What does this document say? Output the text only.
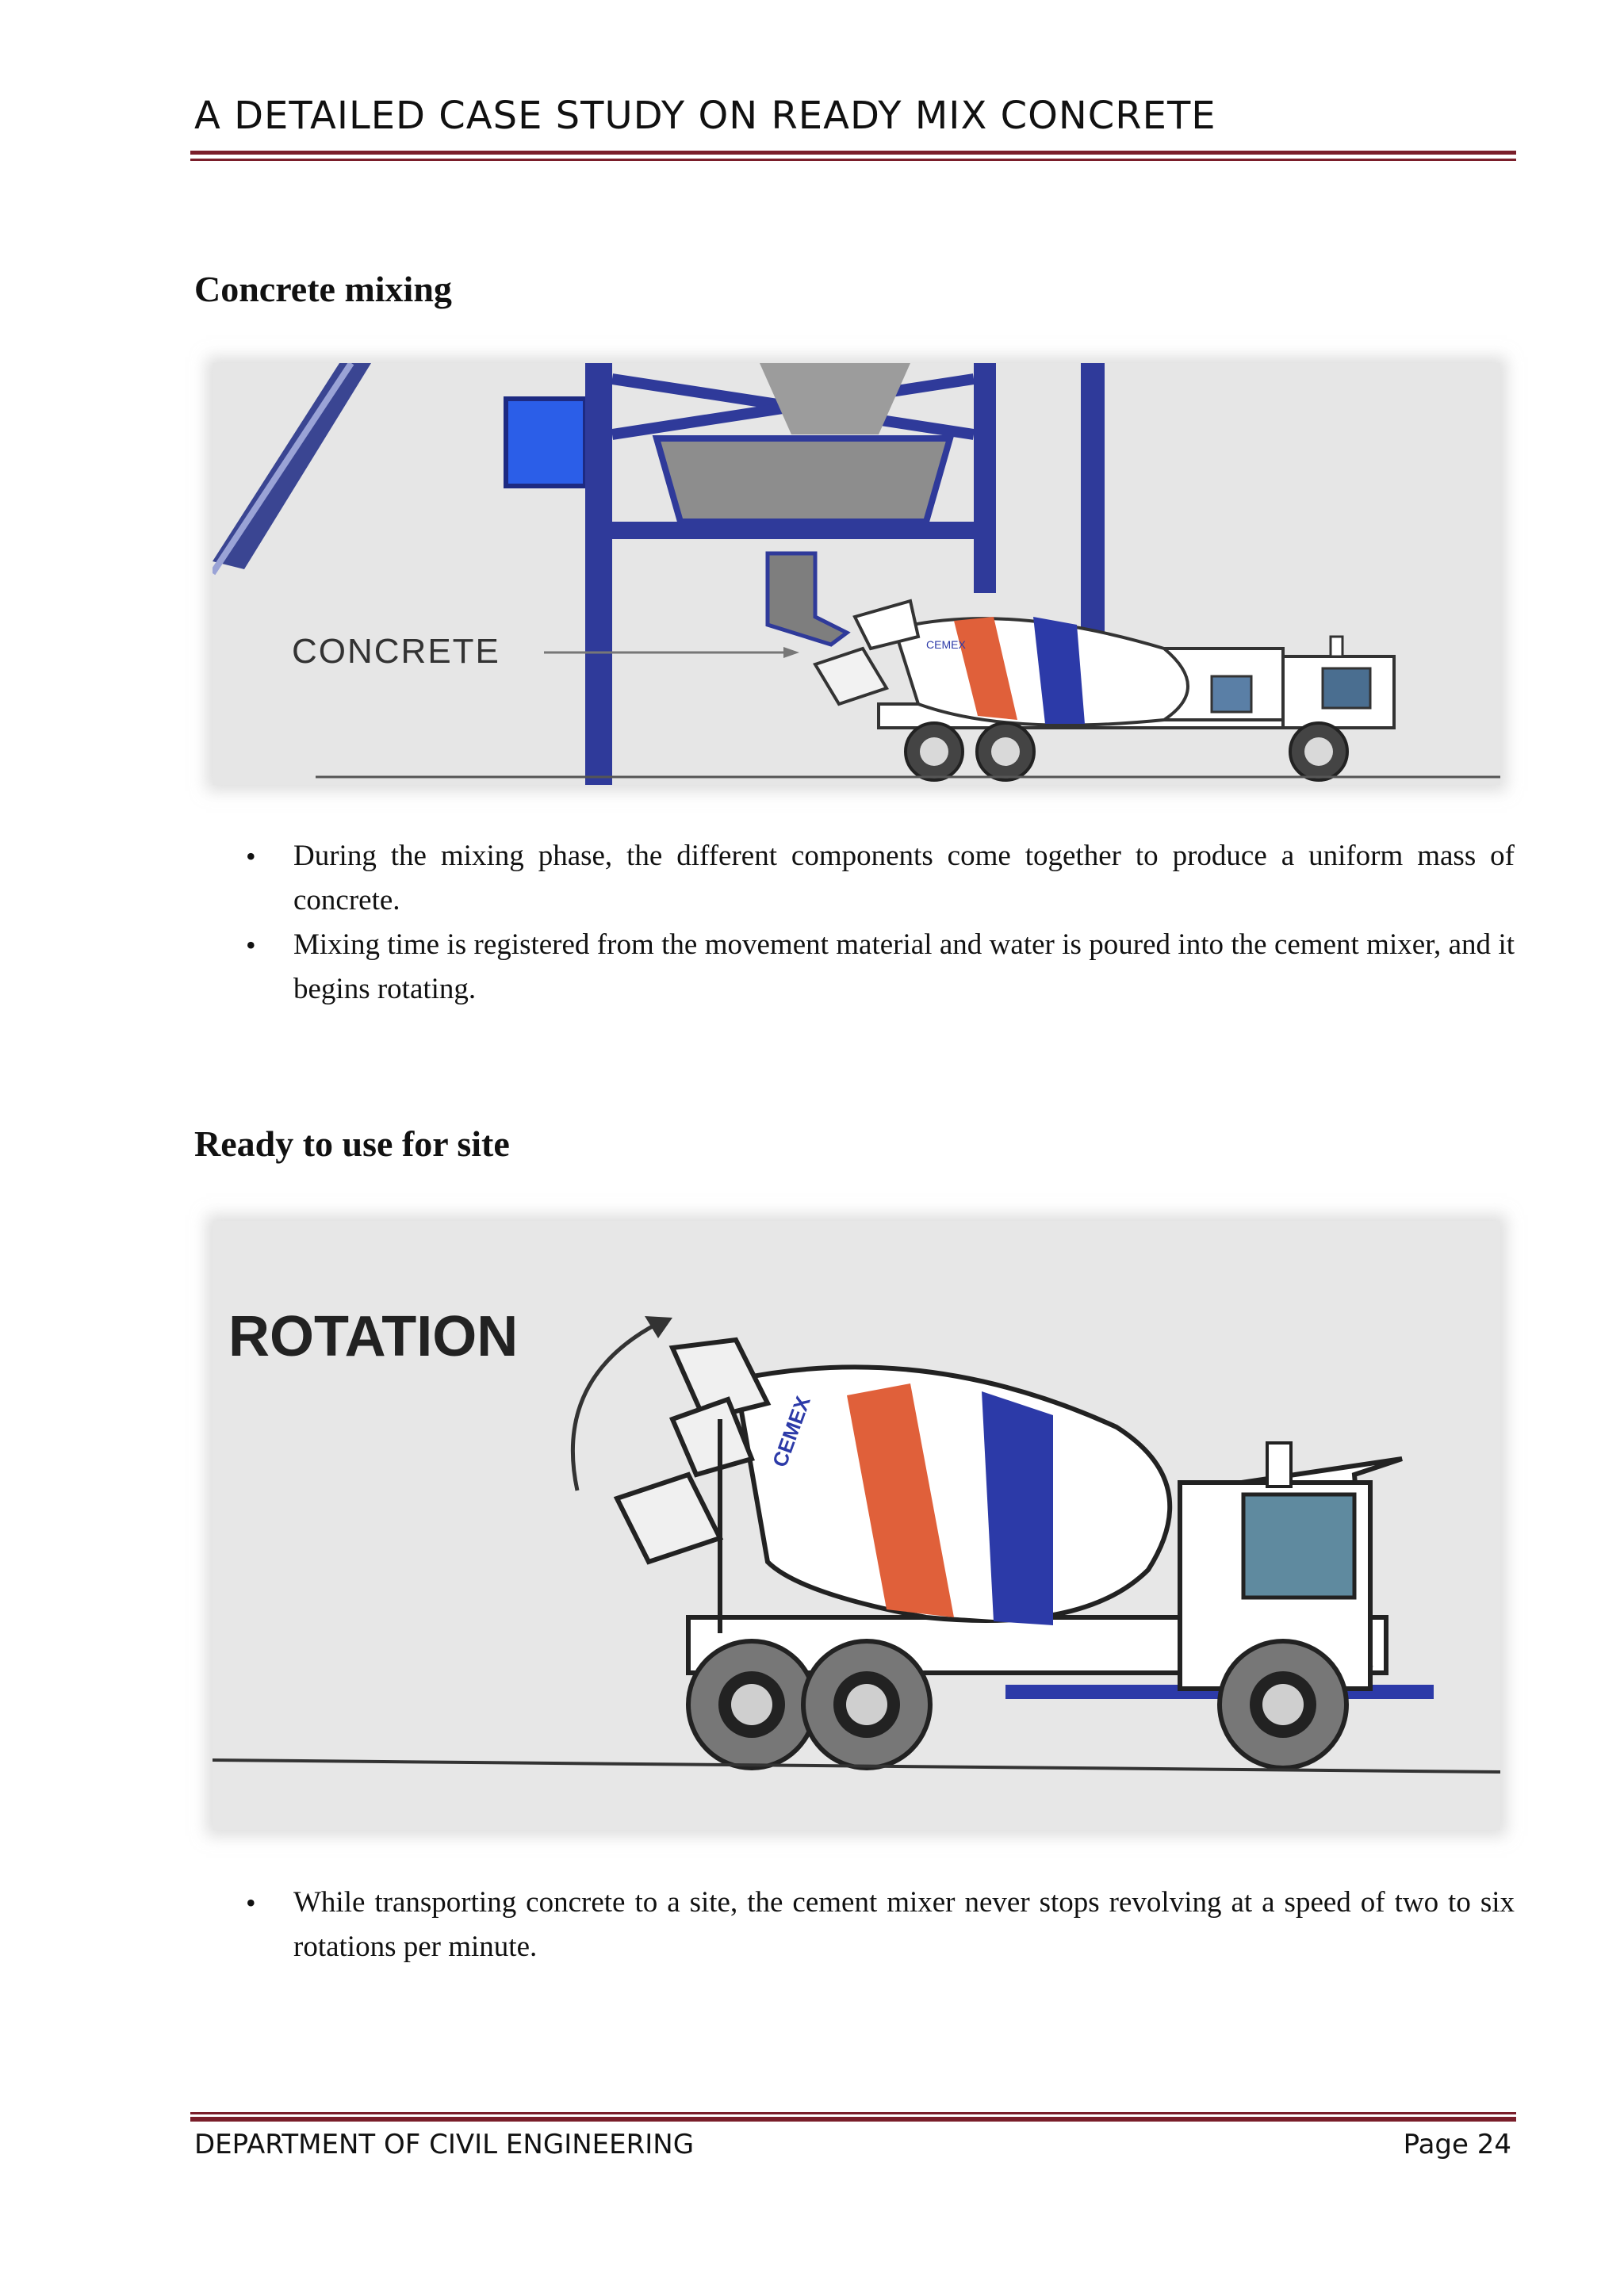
A DETAILED CASE STUDY ON READY MIX CONCRETE
Concrete mixing
CONCRETE	CEMEX
• During the mixing phase, the different components come together to produce a uniform mass of concrete.
• Mixing time is registered from the movement material and water is poured into the cement mixer, and it begins rotating.
Ready to use for site
ROTATION
CEMEX
• While transporting concrete to a site, the cement mixer never stops revolving at a speed of two to six rotations per minute.
DEPARTMENT OF CIVIL ENGINEERING	Page 24
